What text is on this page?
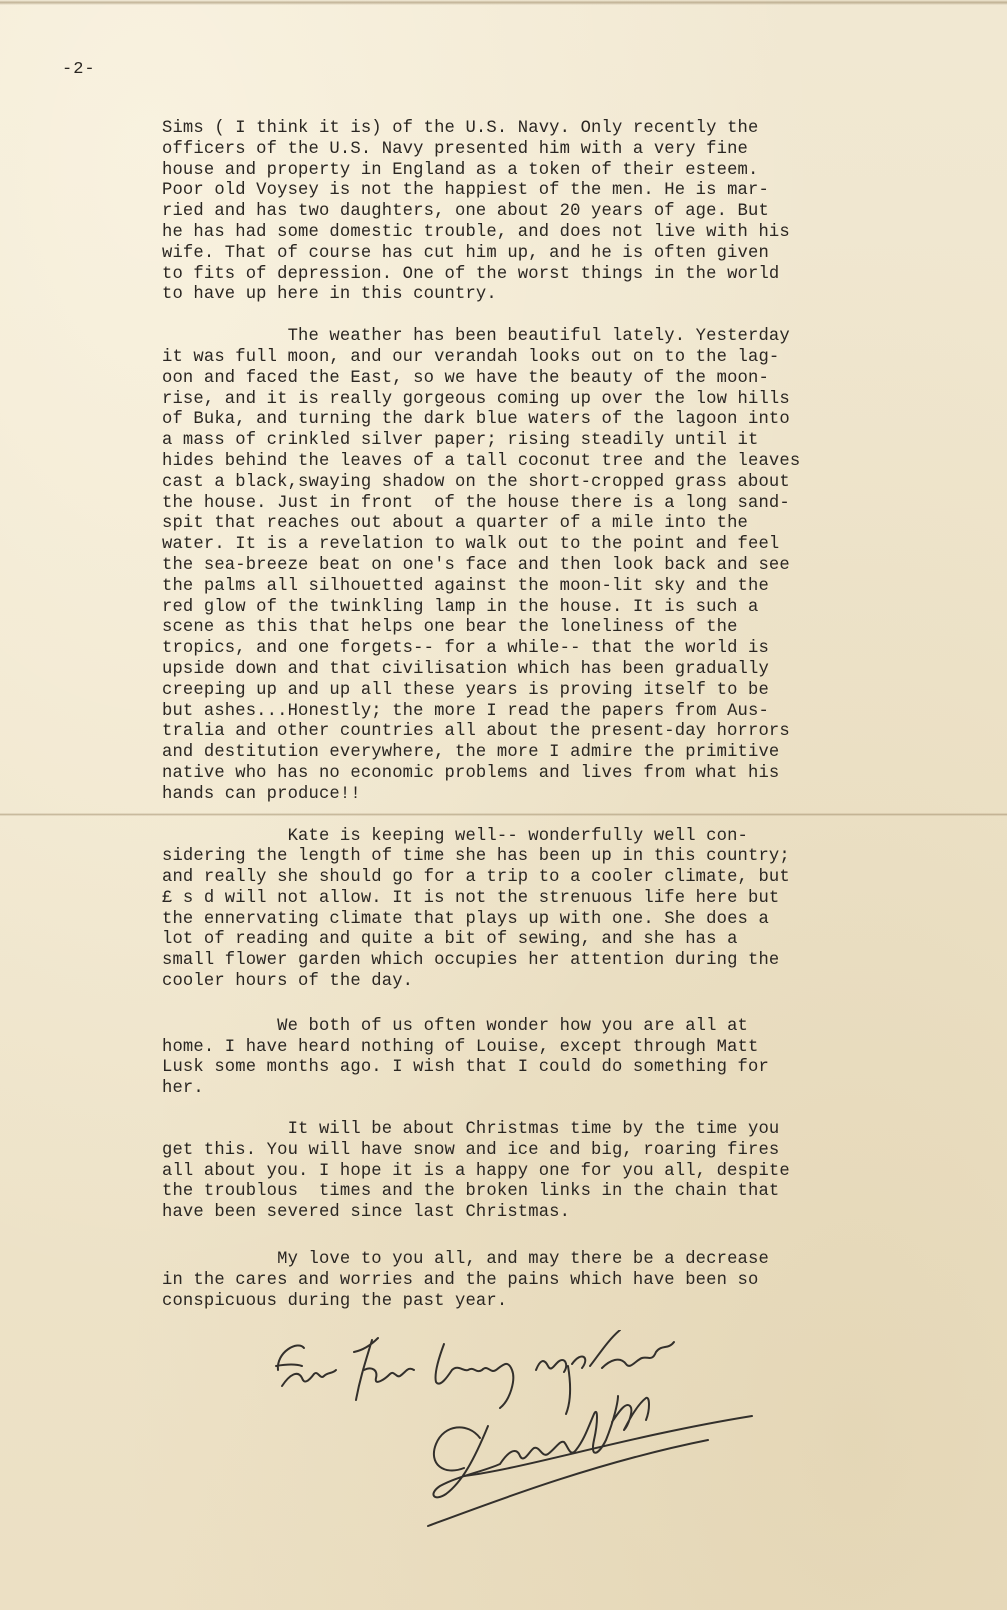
-2-

Sims ( I think it is) of the U.S. Navy. Only recently the
officers of the U.S. Navy presented him with a very fine
house and property in England as a token of their esteem.
Poor old Voysey is not the happiest of the men. He is mar-
ried and has two daughters, one about 20 years of age. But
he has had some domestic trouble, and does not live with his
wife. That of course has cut him up, and he is often given
to fits of depression. One of the worst things in the world
to have up here in this country.

The weather has been beautiful lately. Yesterday
it was full moon, and our verandah looks out on to the lag-
oon and faced the East, so we have the beauty of the moon-
rise, and it is really gorgeous coming up over the low hills
of Buka, and turning the dark blue waters of the lagoon into
a mass of crinkled silver paper; rising steadily until it
hides behind the leaves of a tall coconut tree and the leaves
cast a black,swaying shadow on the short-cropped grass about
the house. Just in front  of the house there is a long sand-
spit that reaches out about a quarter of a mile into the
water. It is a revelation to walk out to the point and feel
the sea-breeze beat on one's face and then look back and see
the palms all silhouetted against the moon-lit sky and the
red glow of the twinkling lamp in the house. It is such a
scene as this that helps one bear the loneliness of the
tropics, and one forgets-- for a while-- that the world is
upside down and that civilisation which has been gradually
creeping up and up all these years is proving itself to be
but ashes...Honestly; the more I read the papers from Aus-
tralia and other countries all about the present-day horrors
and destitution everywhere, the more I admire the primitive
native who has no economic problems and lives from what his
hands can produce!!

Kate is keeping well-- wonderfully well con-
sidering the length of time she has been up in this country;
and really she should go for a trip to a cooler climate, but
£ s d will not allow. It is not the strenuous life here but
the ennervating climate that plays up with one. She does a
lot of reading and quite a bit of sewing, and she has a
small flower garden which occupies her attention during the
cooler hours of the day.

We both of us often wonder how you are all at
home. I have heard nothing of Louise, except through Matt
Lusk some months ago. I wish that I could do something for
her.

It will be about Christmas time by the time you
get this. You will have snow and ice and big, roaring fires
all about you. I hope it is a happy one for you all, despite
the troublous  times and the broken links in the chain that
have been severed since last Christmas.

My love to you all, and may there be a decrease
in the cares and worries and the pains which have been so
conspicuous during the past year.
